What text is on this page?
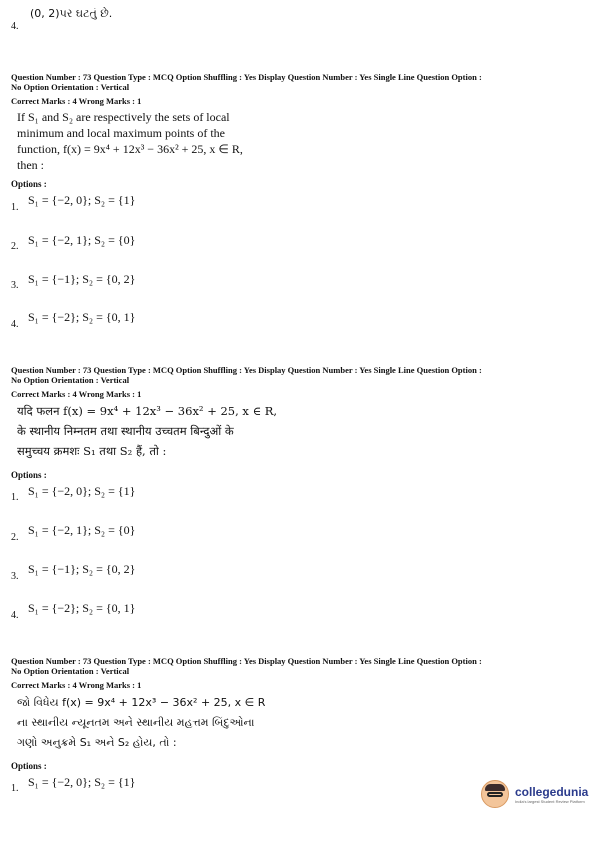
4.
(0, 2)પર ઘટતું છે.
Question Number : 73 Question Type : MCQ Option Shuffling : Yes Display Question Number : Yes Single Line Question Option :
No Option Orientation : Vertical
Correct Marks : 4 Wrong Marks : 1
If S₁ and S₂ are respectively the sets of local
minimum and local maximum points of the
function, f(x) = 9x⁴ + 12x³ − 36x² + 25, x ∈ R,
then :
Options :
1.
S₁ = {−2, 0}; S₂ = {1}
2. S₁ = {−2, 1}; S₂ = {0}
3. S₁ = {−1}; S₂ = {0, 2}
4.
S₁ = {−2}; S₂ = {0, 1}
Question Number : 73 Question Type : MCQ Option Shuffling : Yes Display Question Number : Yes Single Line Question Option :
No Option Orientation : Vertical
Correct Marks : 4 Wrong Marks : 1
यदि फलन f(x) = 9x⁴ + 12x³ − 36x² + 25, x ∈ R,
के स्थानीय निम्नतम तथा स्थानीय उच्चतम बिन्दुओं के
समुच्चय क्रमशः S₁ तथा S₂ हैं, तो :
Options :
1. S₁ = {−2, 0}; S₂ = {1}
2.
S₁ = {−2, 1}; S₂ = {0}
3.
S₁ = {−1}; S₂ = {0, 2}
4.
S₁ = {−2}; S₂ = {0, 1}
Question Number : 73 Question Type : MCQ Option Shuffling : Yes Display Question Number : Yes Single Line Question Option :
No Option Orientation : Vertical
Correct Marks : 4 Wrong Marks : 1
જો વિધેય f(x) = 9x⁴ + 12x³ − 36x² + 25, x ∈ R
ના સ્થાનીય ન્યૂનતમ અને સ્થાનીય મહત્તમ બિંદુઓના
ગણો અનુક્રમે S₁ અને S₂ હોય, તો :
Options :
1. S₁ = {−2, 0}; S₂ = {1}
collegedunia
India's largest Student Review Platform
